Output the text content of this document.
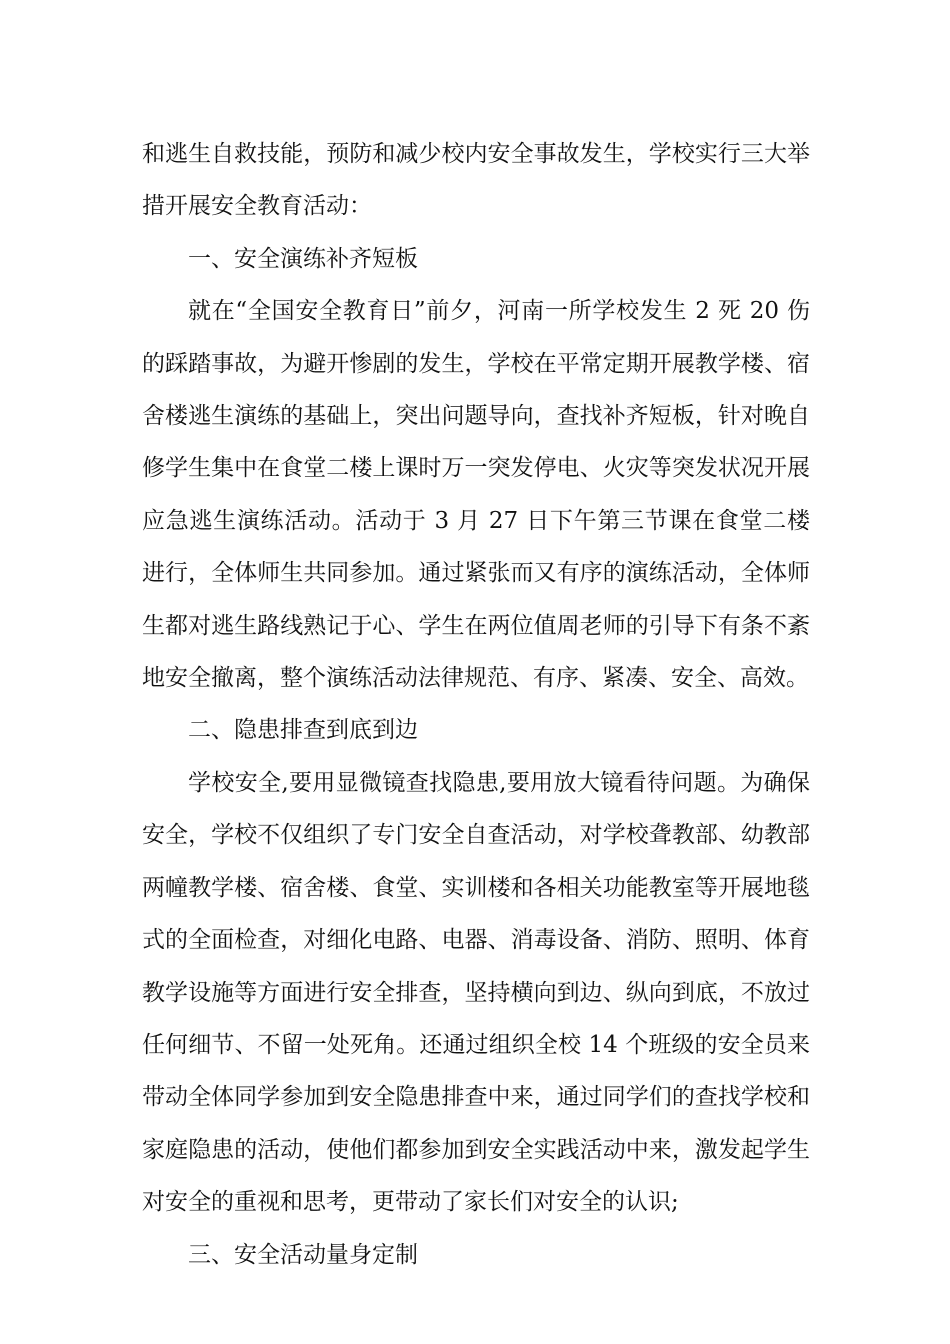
和逃生自救技能，预防和减少校内安全事故发生，学校实行三大举措开展安全教育活动：

一、安全演练补齐短板

就在“全国安全教育日”前夕，河南一所学校发生 2 死 20 伤的踩踏事故，为避开惨剧的发生，学校在平常定期开展教学楼、宿舍楼逃生演练的基础上，突出问题导向，查找补齐短板，针对晚自修学生集中在食堂二楼上课时万一突发停电、火灾等突发状况开展应急逃生演练活动。活动于 3 月 27 日下午第三节课在食堂二楼进行，全体师生共同参加。通过紧张而又有序的演练活动，全体师生都对逃生路线熟记于心、学生在两位值周老师的引导下有条不紊地安全撤离，整个演练活动法律规范、有序、紧凑、安全、高效。

二、隐患排查到底到边

学校安全,要用显微镜查找隐患,要用放大镜看待问题。为确保安全，学校不仅组织了专门安全自查活动，对学校聋教部、幼教部两幢教学楼、宿舍楼、食堂、实训楼和各相关功能教室等开展地毯式的全面检查，对细化电路、电器、消毒设备、消防、照明、体育教学设施等方面进行安全排查，坚持横向到边、纵向到底，不放过任何细节、不留一处死角。还通过组织全校 14 个班级的安全员来带动全体同学参加到安全隐患排查中来，通过同学们的查找学校和家庭隐患的活动，使他们都参加到安全实践活动中来，激发起学生对安全的重视和思考，更带动了家长们对安全的认识;

三、安全活动量身定制
